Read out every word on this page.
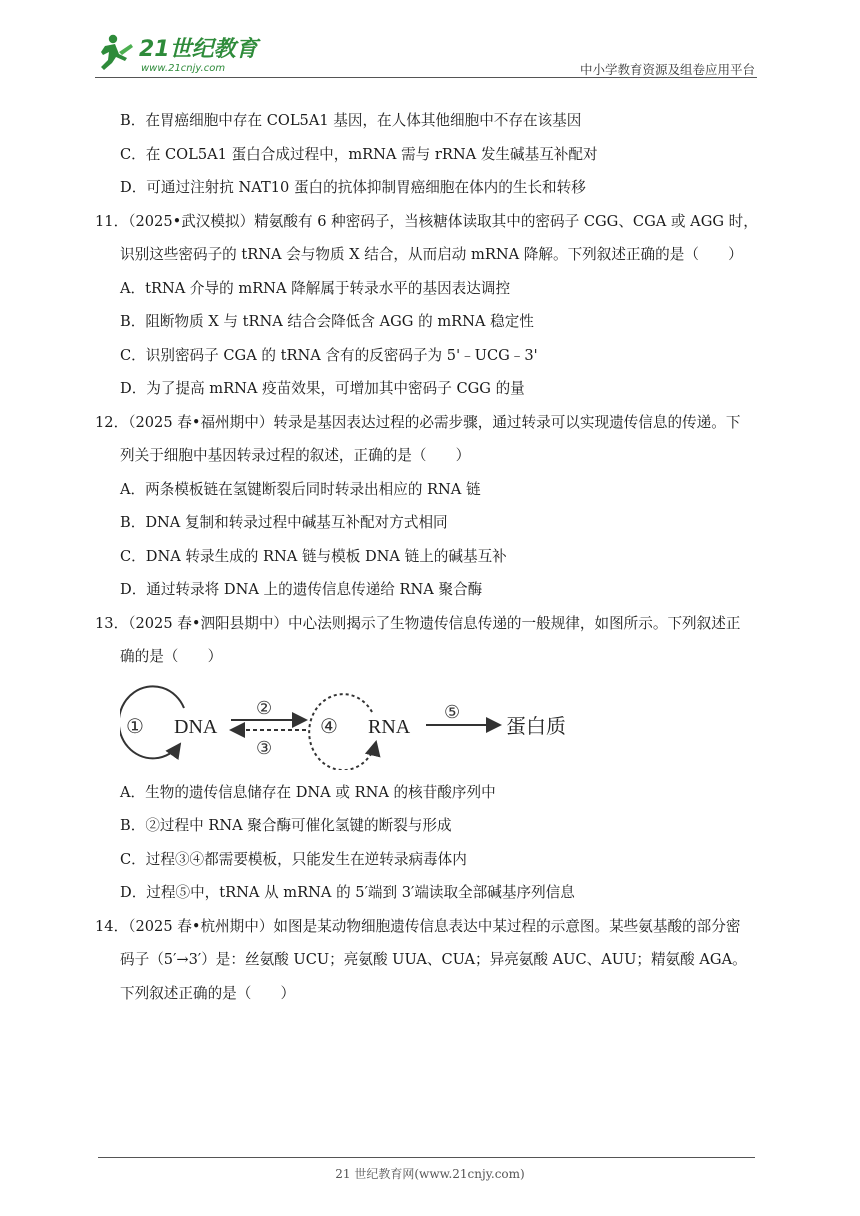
21世纪教育
www.21cnjy.com	中小学教育资源及组卷应用平台
B．在胃癌细胞中存在 COL5A1 基因，在人体其他细胞中不存在该基因
C．在 COL5A1 蛋白合成过程中，mRNA 需与 rRNA 发生碱基互补配对
D．可通过注射抗 NAT10 蛋白的抗体抑制胃癌细胞在体内的生长和转移
11．（2025•武汉模拟）精氨酸有 6 种密码子，当核糖体读取其中的密码子 CGG、CGA 或 AGG 时，
识别这些密码子的 tRNA 会与物质 X 结合，从而启动 mRNA 降解。下列叙述正确的是（　　）
A．tRNA 介导的 mRNA 降解属于转录水平的基因表达调控
B．阻断物质 X 与 tRNA 结合会降低含 AGG 的 mRNA 稳定性
C．识别密码子 CGA 的 tRNA 含有的反密码子为 5'﹣UCG﹣3'
D．为了提高 mRNA 疫苗效果，可增加其中密码子 CGG 的量
12．（2025 春•福州期中）转录是基因表达过程的必需步骤，通过转录可以实现遗传信息的传递。下
列关于细胞中基因转录过程的叙述，正确的是（　　）
A．两条模板链在氢键断裂后同时转录出相应的 RNA 链
B．DNA 复制和转录过程中碱基互补配对方式相同
C．DNA 转录生成的 RNA 链与模板 DNA 链上的碱基互补
D．通过转录将 DNA 上的遗传信息传递给 RNA 聚合酶
13．（2025 春•泗阳县期中）中心法则揭示了生物遗传信息传递的一般规律，如图所示。下列叙述正
确的是（　　）
① DNA
②
③
④ RNA
⑤
蛋白质
A．生物的遗传信息储存在 DNA 或 RNA 的核苷酸序列中
B．②过程中 RNA 聚合酶可催化氢键的断裂与形成
C．过程③④都需要模板，只能发生在逆转录病毒体内
D．过程⑤中，tRNA 从 mRNA 的 5′端到 3′端读取全部碱基序列信息
14．（2025 春•杭州期中）如图是某动物细胞遗传信息表达中某过程的示意图。某些氨基酸的部分密
码子（5′→3′）是：丝氨酸 UCU；亮氨酸 UUA、CUA；异亮氨酸 AUC、AUU；精氨酸 AGA。
下列叙述正确的是（　　）
21 世纪教育网(www.21cnjy.com)
